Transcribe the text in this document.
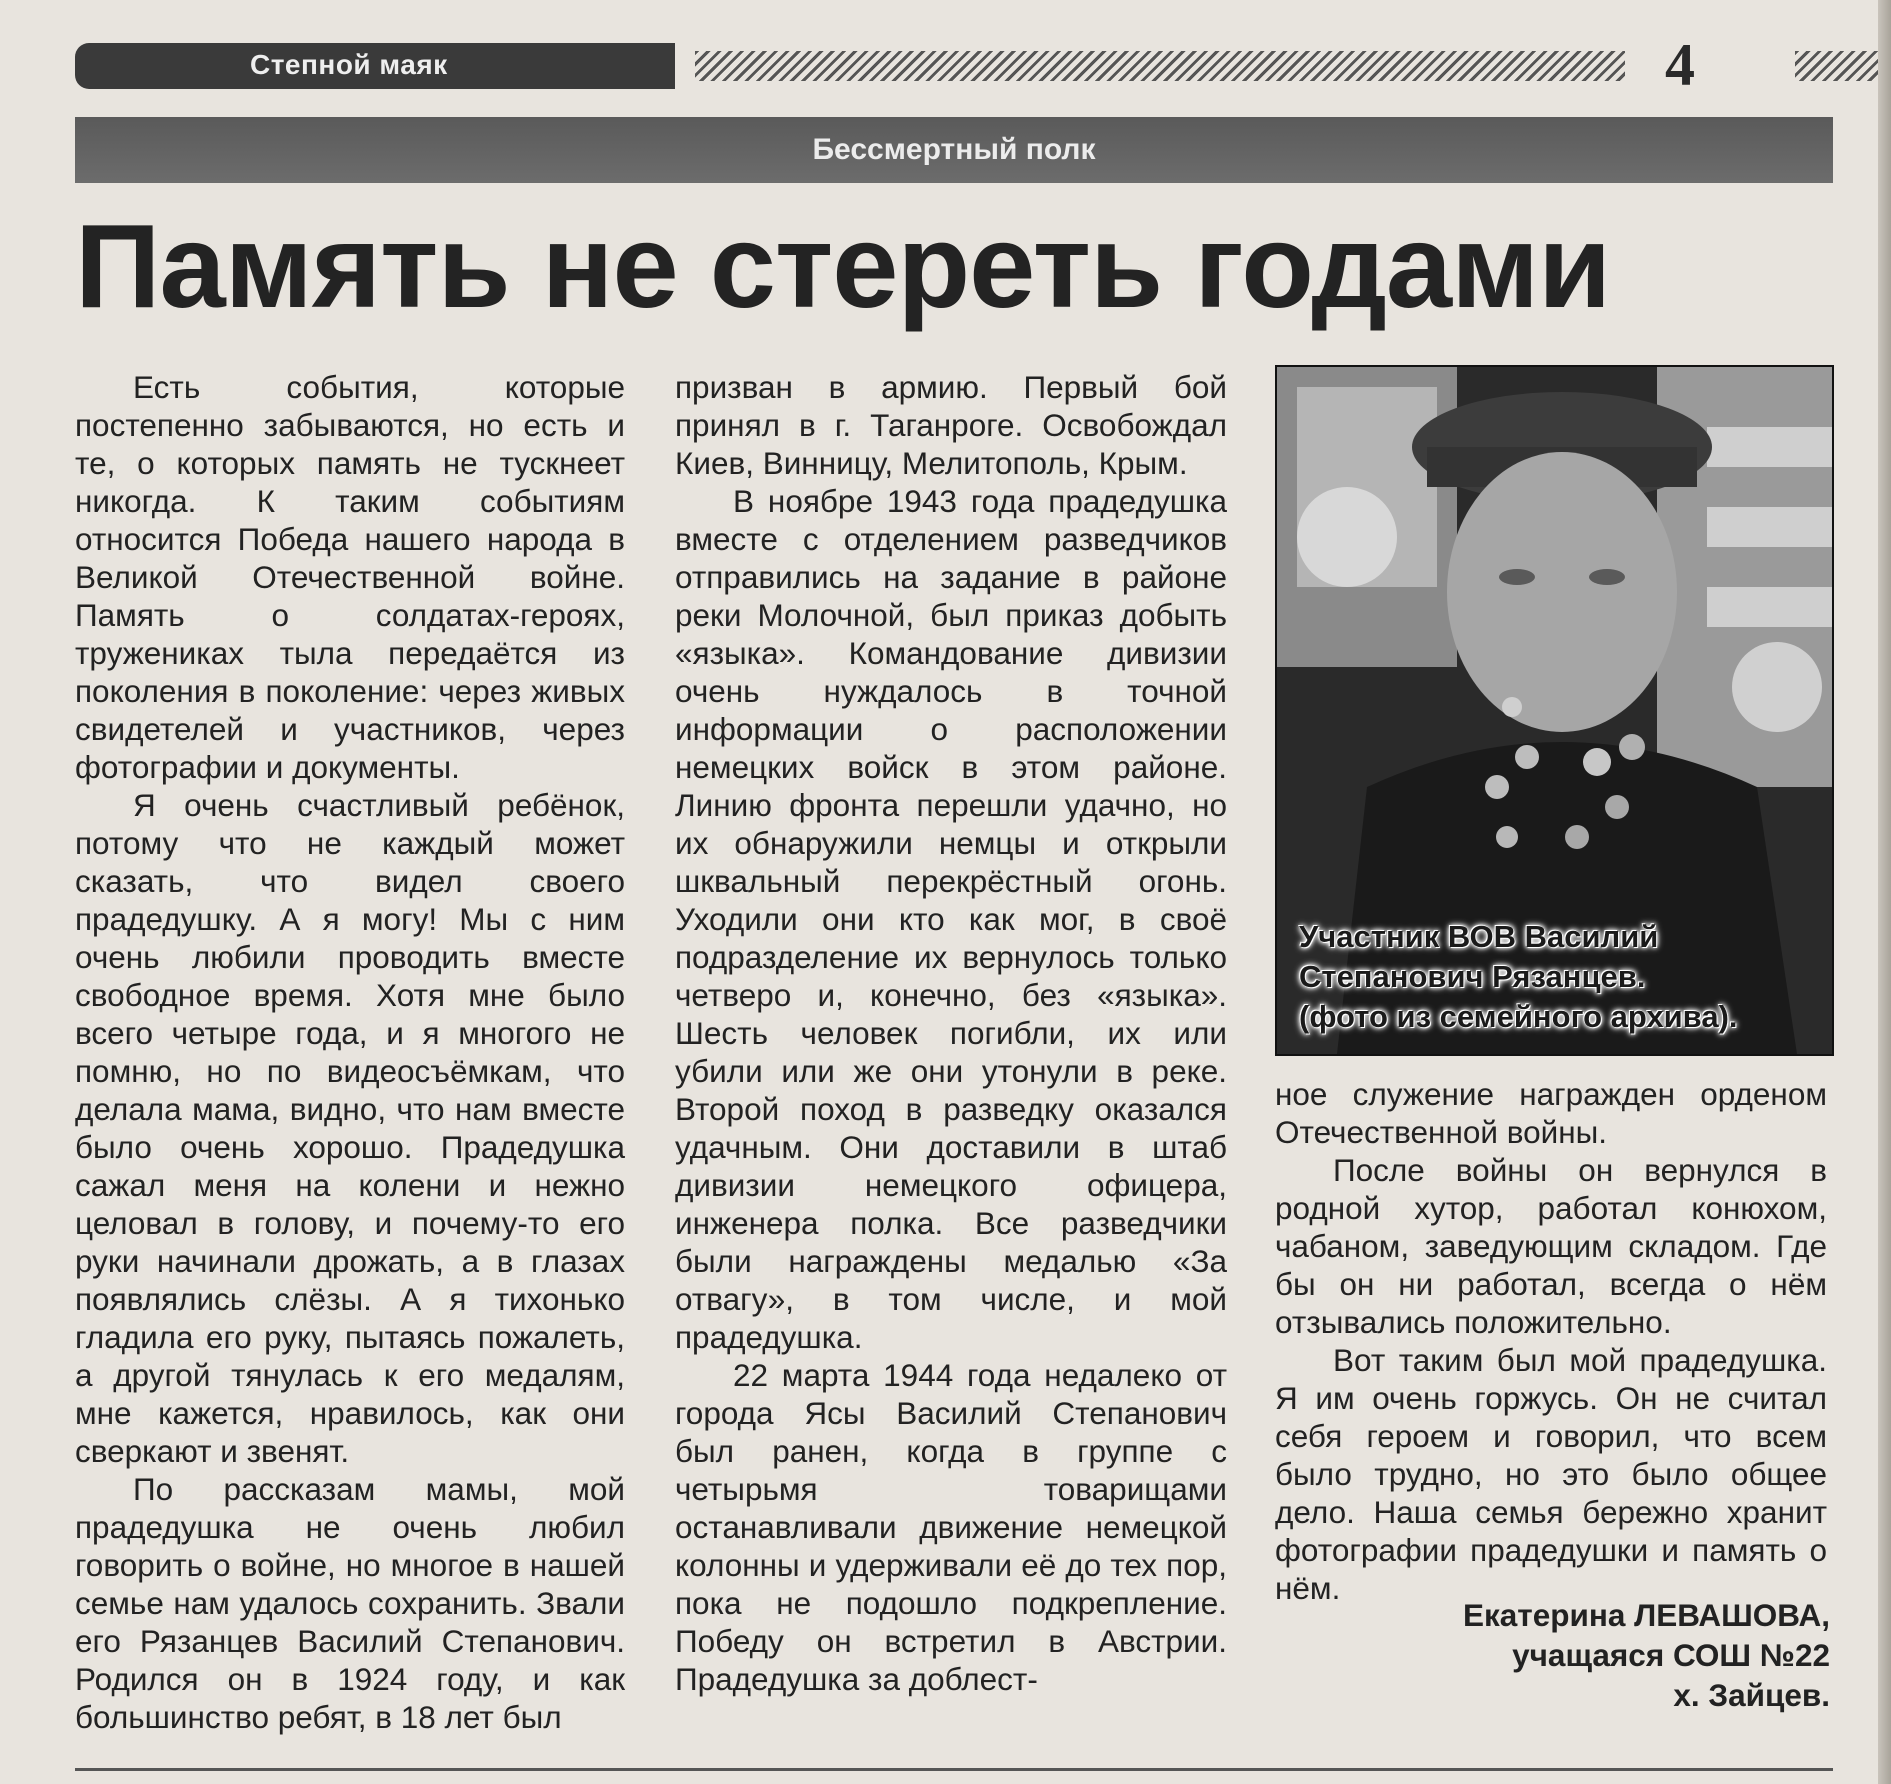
Степной маяк	4
Бессмертный полк
Память не стереть годами

Есть события, которые постепенно забываются, но есть и те, о которых память не тускнеет никогда. К таким событиям относится Победа нашего народа в Великой Отечественной войне. Память о солдатах-героях, тружениках тыла передаётся из поколения в поколение: через живых свидетелей и участников, через фотографии и документы.

Я очень счастливый ребёнок, потому что не каждый может сказать, что видел своего прадедушку. А я могу! Мы с ним очень любили проводить вместе свободное время. Хотя мне было всего четыре года, и я многого не помню, но по видеосъёмкам, что делала мама, видно, что нам вместе было очень хорошо. Прадедушка сажал меня на колени и нежно целовал в голову, и почему-то его руки начинали дрожать, а в глазах появлялись слёзы. А я тихонько гладила его руку, пытаясь пожалеть, а другой тянулась к его медалям, мне кажется, нравилось, как они сверкают и звенят.

По рассказам мамы, мой прадедушка не очень любил говорить о войне, но многое в нашей семье нам удалось сохранить. Звали его Рязанцев Василий Степанович. Родился он в 1924 году, и как большинство ребят, в 18 лет был

призван в армию. Первый бой принял в г. Таганроге. Освобождал Киев, Винницу, Мелитополь, Крым.

В ноябре 1943 года прадедушка вместе с отделением разведчиков отправились на задание в районе реки Молочной, был приказ добыть «языка». Командование дивизии очень нуждалось в точной информации о расположении немецких войск в этом районе. Линию фронта перешли удачно, но их обнаружили немцы и открыли шквальный перекрёстный огонь. Уходили они кто как мог, в своё подразделение их вернулось только четверо и, конечно, без «языка». Шесть человек погибли, их или убили или же они утонули в реке. Второй поход в разведку оказался удачным. Они доставили в штаб дивизии немецкого офицера, инженера полка. Все разведчики были награждены медалью «За отвагу», в том числе, и мой прадедушка.

22 марта 1944 года недалеко от города Ясы Василий Степанович был ранен, когда в группе с четырьмя товарищами останавливали движение немецкой колонны и удерживали её до тех пор, пока не подошло подкрепление. Победу он встретил в Австрии. Прадедушка за доблест-

Участник ВОВ Василий
Степанович Рязанцев.
(фото из семейного архива).

ное служение награжден орденом Отечественной войны.

После войны он вернулся в родной хутор, работал конюхом, чабаном, заведующим складом. Где бы он ни работал, всегда о нём отзывались положительно.

Вот таким был мой прадедушка. Я им очень горжусь. Он не считал себя героем и говорил, что всем было трудно, но это было общее дело. Наша семья бережно хранит фотографии прадедушки и память о нём.

Екатерина ЛЕВАШОВА,
учащаяся СОШ №22
х. Зайцев.
